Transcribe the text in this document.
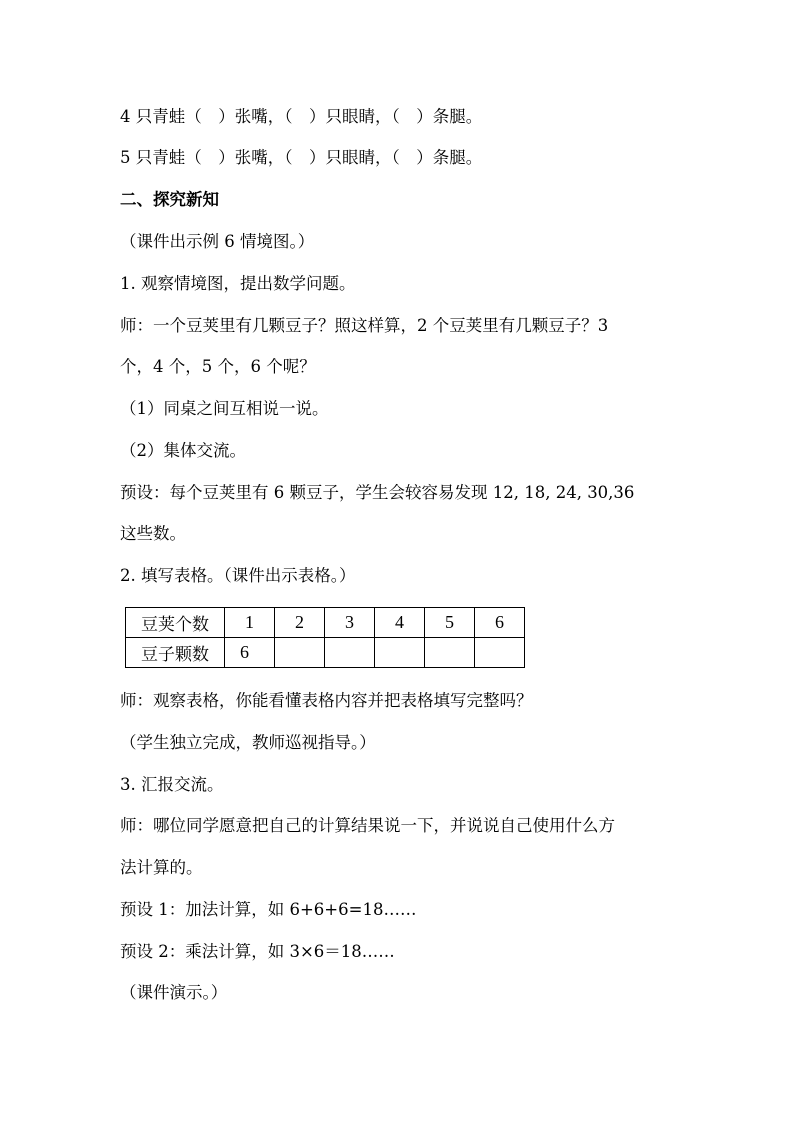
4 只青蛙（　）张嘴，（　）只眼睛，（　）条腿。
5 只青蛙（　）张嘴，（　）只眼睛，（　）条腿。
二、探究新知
（课件出示例 6 情境图。）
1. 观察情境图，提出数学问题。
师：一个豆荚里有几颗豆子？照这样算，2 个豆荚里有几颗豆子？3
个，4 个，5 个，6 个呢？
（1）同桌之间互相说一说。
（2）集体交流。
预设：每个豆荚里有 6 颗豆子，学生会较容易发现 12, 18, 24, 30,36
这些数。
2. 填写表格。（课件出示表格。）
豆荚个数	1	2	3	4	5	6
豆子颗数	6					
师：观察表格，你能看懂表格内容并把表格填写完整吗？
（学生独立完成，教师巡视指导。）
3. 汇报交流。
师：哪位同学愿意把自己的计算结果说一下，并说说自己使用什么方
法计算的。
预设 1：加法计算，如 6+6+6=18……
预设 2：乘法计算，如 3×6＝18……
（课件演示。）
